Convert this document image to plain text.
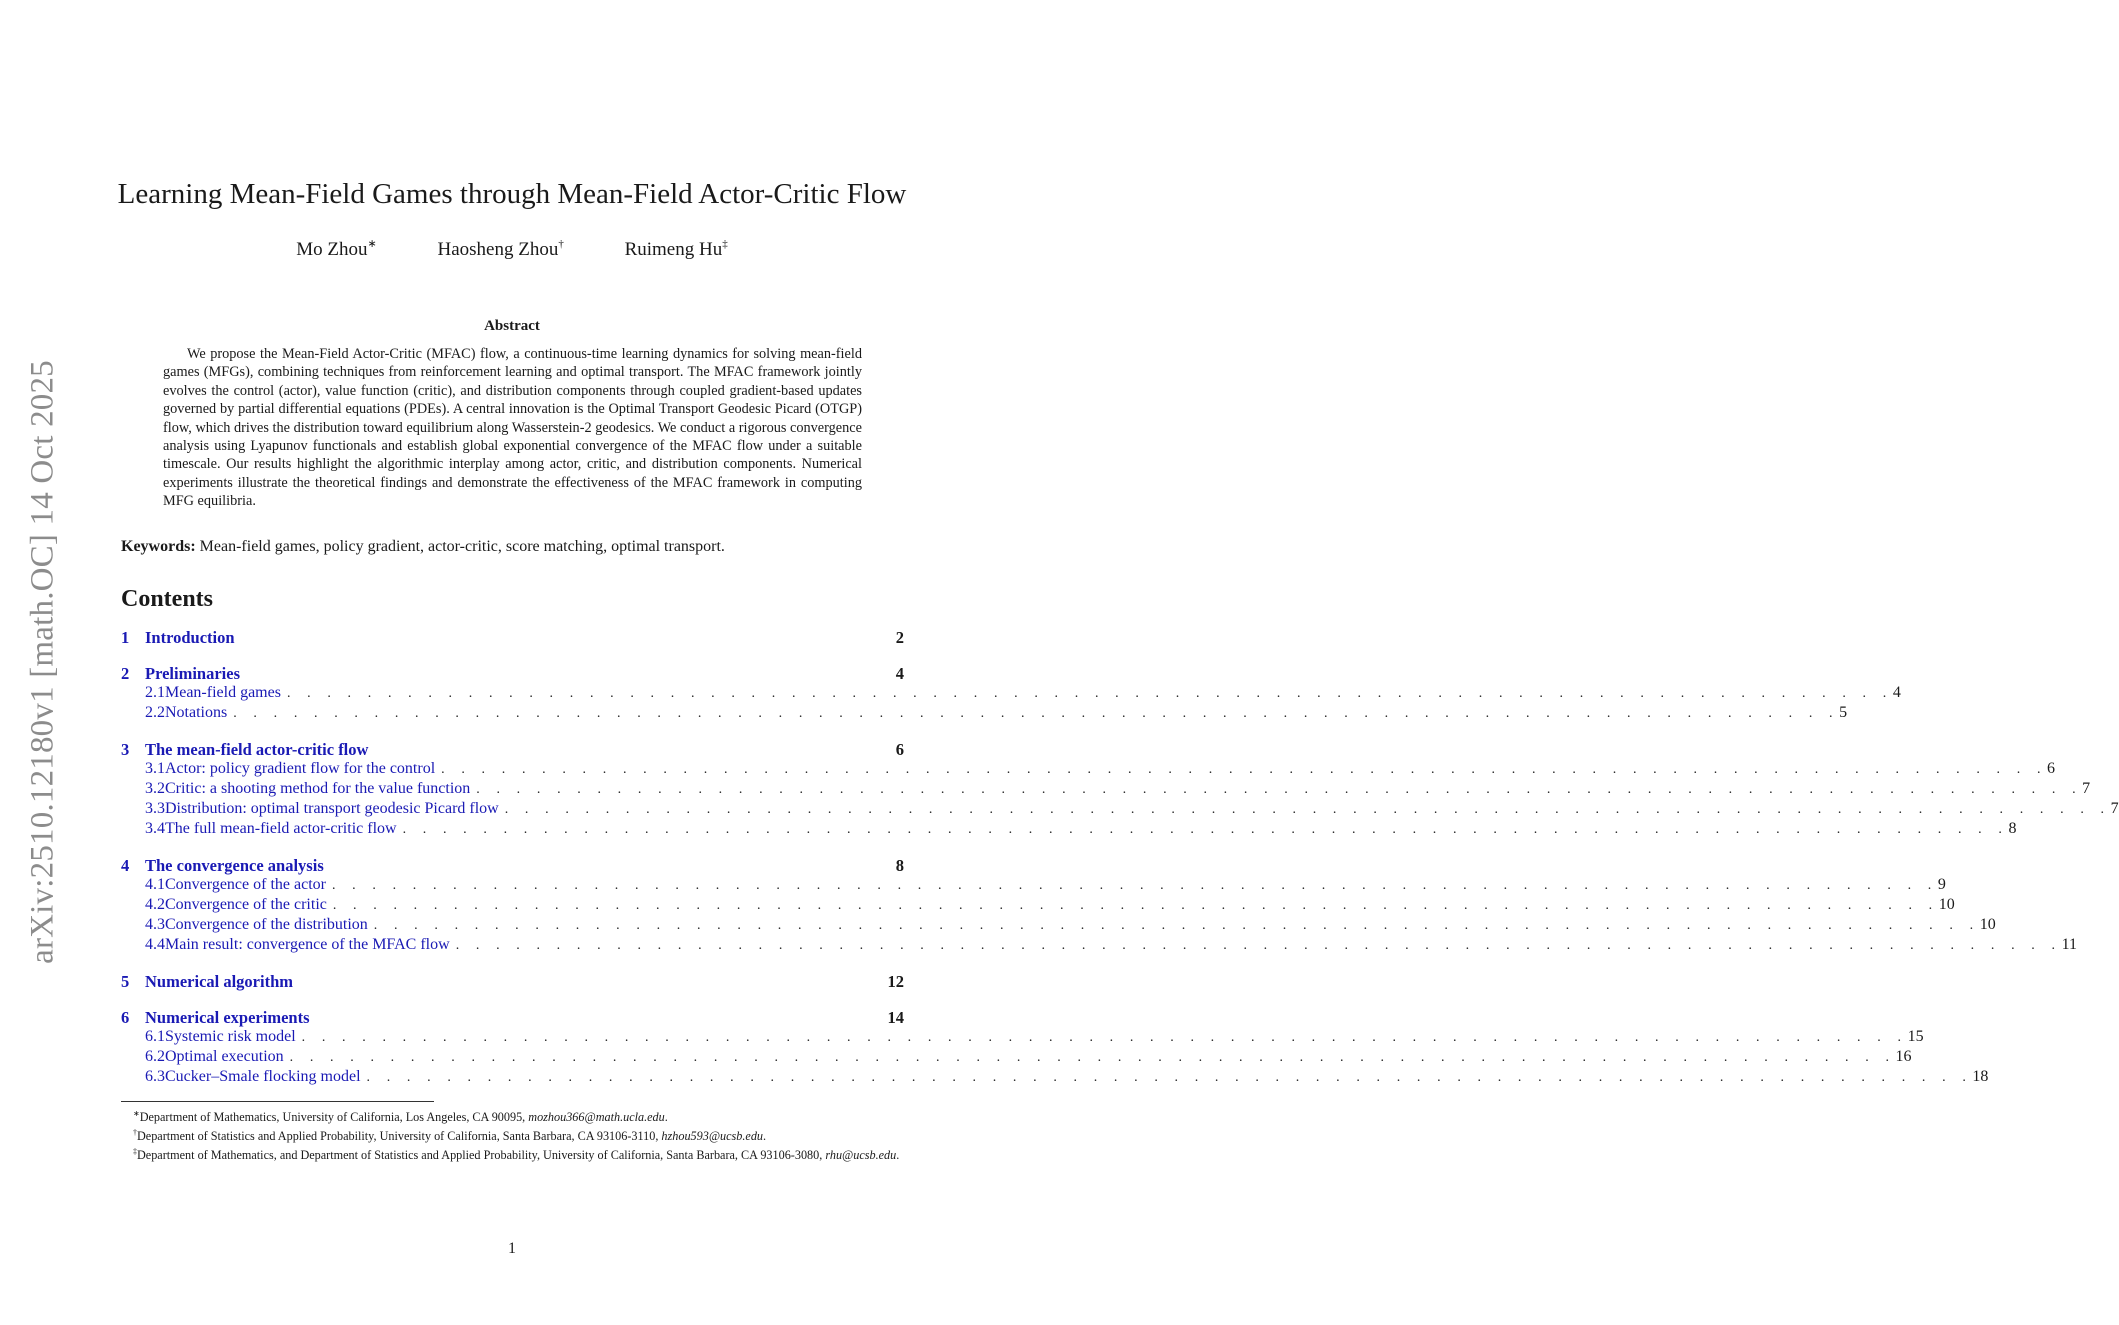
arXiv:2510.12180v1 [math.OC] 14 Oct 2025
Learning Mean-Field Games through Mean-Field Actor-Critic Flow
Mo Zhou∗	Haosheng Zhou†	Ruimeng Hu‡
Abstract
We propose the Mean-Field Actor-Critic (MFAC) flow, a continuous-time learning dynamics for solving mean-field games (MFGs), combining techniques from reinforcement learning and optimal transport. The MFAC framework jointly evolves the control (actor), value function (critic), and distribution components through coupled gradient-based updates governed by partial differential equations (PDEs). A central innovation is the Optimal Transport Geodesic Picard (OTGP) flow, which drives the distribution toward equilibrium along Wasserstein-2 geodesics. We conduct a rigorous convergence analysis using Lyapunov functionals and establish global exponential convergence of the MFAC flow under a suitable timescale. Our results highlight the algorithmic interplay among actor, critic, and distribution components. Numerical experiments illustrate the theoretical findings and demonstrate the effectiveness of the MFAC framework in computing MFG equilibria.
Keywords: Mean-field games, policy gradient, actor-critic, score matching, optimal transport.
Contents
1 Introduction	2
2 Preliminaries	4
2.1 Mean-field games . . . . . . . . . . . . . . . . . . . . . . . . . . . . . . . . . . . . . . . . . . . . . . . . . . . . . . . . . . . . . . . . . . . . . . . . . . . . . . . . 4
2.2 Notations . . . . . . . . . . . . . . . . . . . . . . . . . . . . . . . . . . . . . . . . . . . . . . . . . . . . . . . . . . . . . . . . . . . . . . . . . . . . . . . . 5
3 The mean-field actor-critic flow	6
3.1 Actor: policy gradient flow for the control . . . . . . . . . . . . . . . . . . . . . . . . . . . . . . . . . . . . . . . . . . . . . . . . . . . . . . . . . . . . . . . . . . . . . . . . . . . . . . . . 6
3.2 Critic: a shooting method for the value function . . . . . . . . . . . . . . . . . . . . . . . . . . . . . . . . . . . . . . . . . . . . . . . . . . . . . . . . . . . . . . . . . . . . . . . . . . . . . . . . 7
3.3 Distribution: optimal transport geodesic Picard flow . . . . . . . . . . . . . . . . . . . . . . . . . . . . . . . . . . . . . . . . . . . . . . . . . . . . . . . . . . . . . . . . . . . . . . . . . . . . . . . . 7
3.4 The full mean-field actor-critic flow . . . . . . . . . . . . . . . . . . . . . . . . . . . . . . . . . . . . . . . . . . . . . . . . . . . . . . . . . . . . . . . . . . . . . . . . . . . . . . . . 8
4 The convergence analysis	8
4.1 Convergence of the actor . . . . . . . . . . . . . . . . . . . . . . . . . . . . . . . . . . . . . . . . . . . . . . . . . . . . . . . . . . . . . . . . . . . . . . . . . . . . . . . . 9
4.2 Convergence of the critic . . . . . . . . . . . . . . . . . . . . . . . . . . . . . . . . . . . . . . . . . . . . . . . . . . . . . . . . . . . . . . . . . . . . . . . . . . . . . . . . 10
4.3 Convergence of the distribution . . . . . . . . . . . . . . . . . . . . . . . . . . . . . . . . . . . . . . . . . . . . . . . . . . . . . . . . . . . . . . . . . . . . . . . . . . . . . . . . 10
4.4 Main result: convergence of the MFAC flow . . . . . . . . . . . . . . . . . . . . . . . . . . . . . . . . . . . . . . . . . . . . . . . . . . . . . . . . . . . . . . . . . . . . . . . . . . . . . . . . 11
5 Numerical algorithm	12
6 Numerical experiments	14
6.1 Systemic risk model . . . . . . . . . . . . . . . . . . . . . . . . . . . . . . . . . . . . . . . . . . . . . . . . . . . . . . . . . . . . . . . . . . . . . . . . . . . . . . . . 15
6.2 Optimal execution . . . . . . . . . . . . . . . . . . . . . . . . . . . . . . . . . . . . . . . . . . . . . . . . . . . . . . . . . . . . . . . . . . . . . . . . . . . . . . . . 16
6.3 Cucker–Smale flocking model . . . . . . . . . . . . . . . . . . . . . . . . . . . . . . . . . . . . . . . . . . . . . . . . . . . . . . . . . . . . . . . . . . . . . . . . . . . . . . . . 18

∗Department of Mathematics, University of California, Los Angeles, CA 90095, mozhou366@math.ucla.edu.

†Department of Statistics and Applied Probability, University of California, Santa Barbara, CA 93106-3110, hzhou593@ucsb.edu.

‡Department of Mathematics, and Department of Statistics and Applied Probability, University of California, Santa Barbara, CA 93106-3080, rhu@ucsb.edu.

1
